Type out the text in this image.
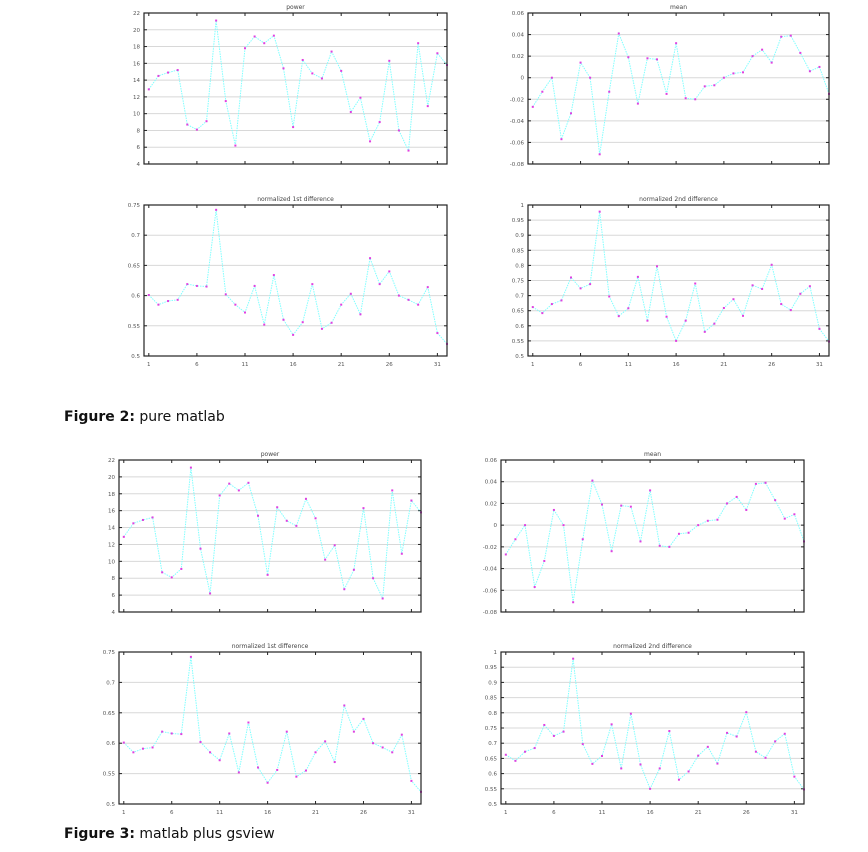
4
6
8
10
12
14
16
18
20
22
power
-0.08
-0.06
-0.04
-0.02
0
0.02
0.04
0.06
mean
0.5
0.55
0.6
0.65
0.7
0.75
1	6	11	16	21	26	31
normalized 1st difference
0.5
0.55
0.6
0.65
0.7
0.75
0.8
0.85
0.9
0.95
1
1	6	11	16	21	26	31
normalized 2nd difference
4
6
8
10
12
14
16
18
20
22
power
-0.08
-0.06
-0.04
-0.02
0
0.02
0.04
0.06
mean
0.5
0.55
0.6
0.65
0.7
0.75
1	6	11	16	21	26	31
normalized 1st difference
0.5
0.55
0.6
0.65
0.7
0.75
0.8
0.85
0.9
0.95
1
1	6	11	16	21	26	31
normalized 2nd difference
Figure 2: pure matlab
Figure 3: matlab plus gsview
